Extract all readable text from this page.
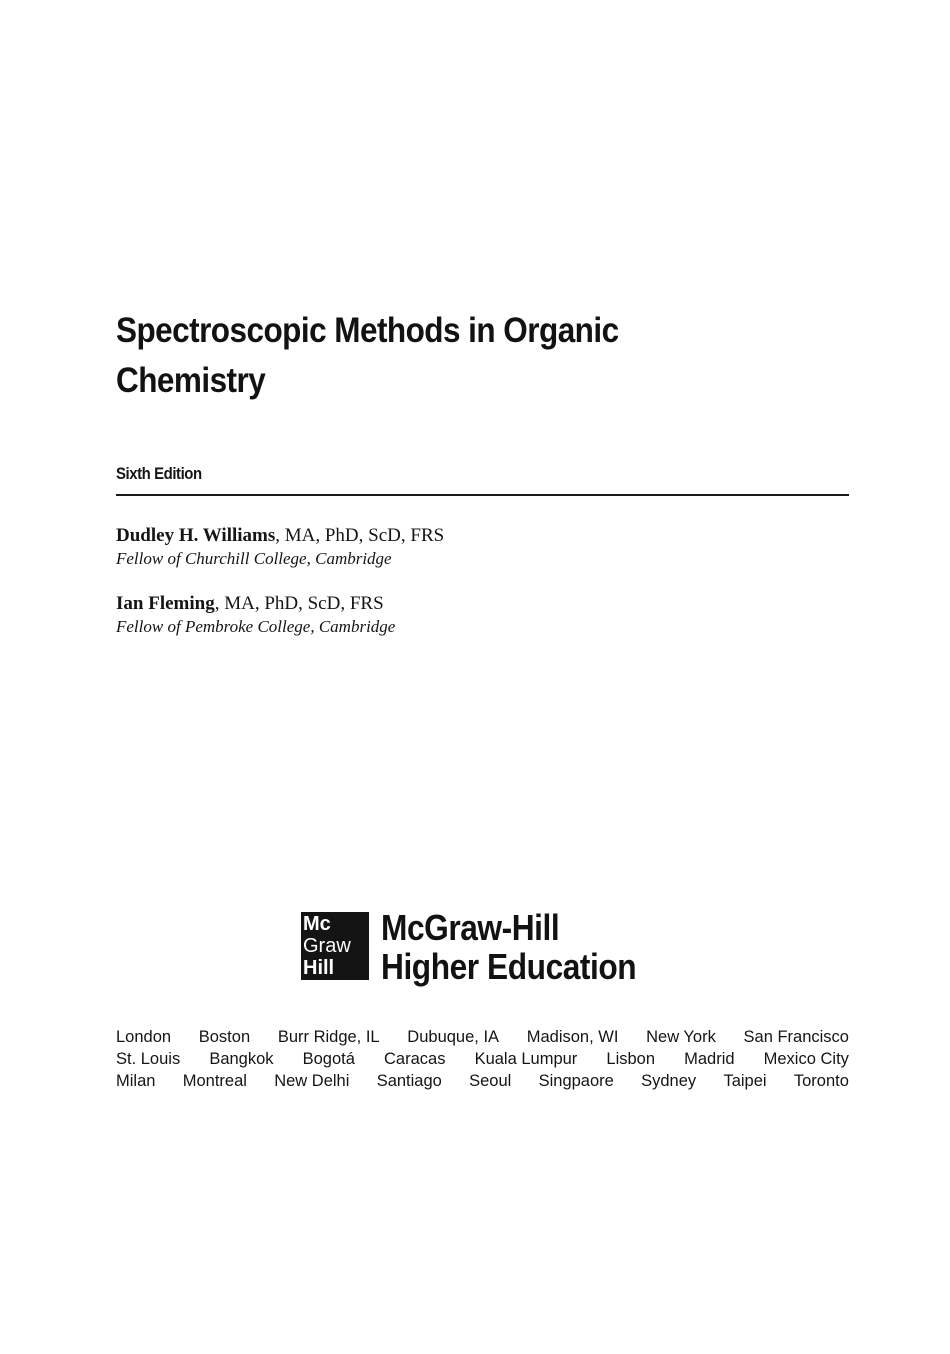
Spectroscopic Methods in Organic
Chemistry
Sixth Edition
Dudley H. Williams, MA, PhD, ScD, FRS
Fellow of Churchill College, Cambridge
Ian Fleming, MA, PhD, ScD, FRS
Fellow of Pembroke College, Cambridge
Mc
Graw
Hill
McGraw-Hill
Higher Education
London Boston Burr Ridge, IL Dubuque, IA Madison, WI New York San Francisco
St. Louis Bangkok Bogotá Caracas Kuala Lumpur Lisbon Madrid Mexico City
Milan Montreal New Delhi Santiago Seoul Singpaore Sydney Taipei Toronto
